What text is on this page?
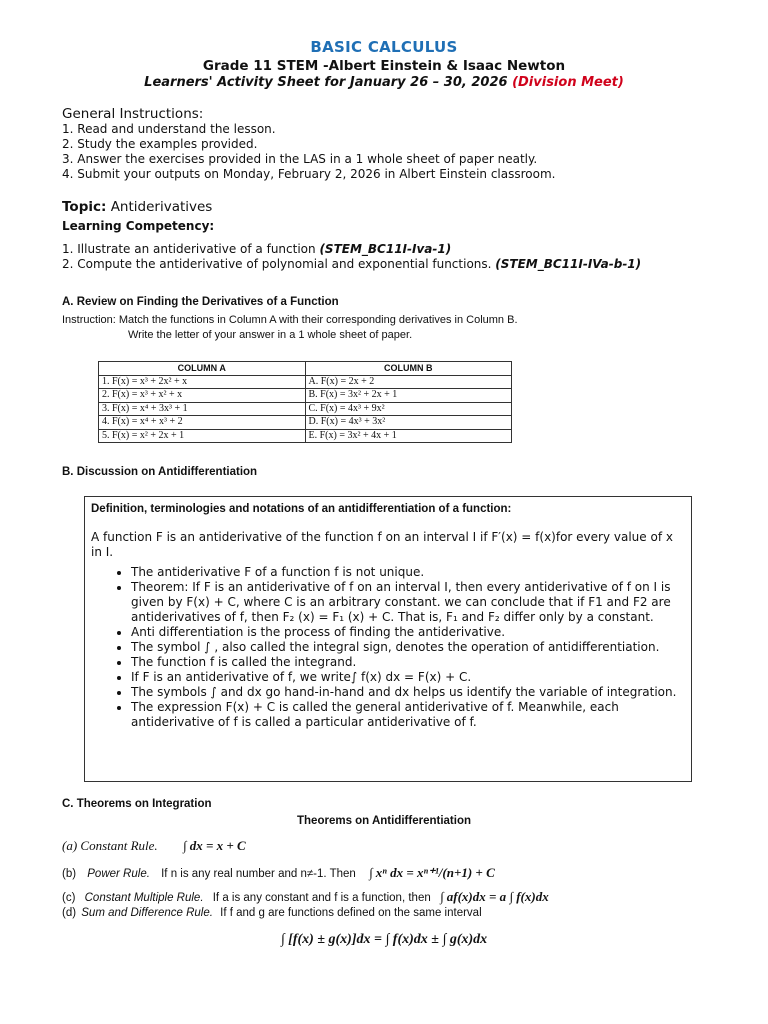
BASIC CALCULUS
Grade 11 STEM -Albert Einstein & Isaac Newton
Learners' Activity Sheet for January 26 – 30, 2026 (Division Meet)
General Instructions:
1. Read and understand the lesson.
2. Study the examples provided.
3. Answer the exercises provided in the LAS in a 1 whole sheet of paper neatly.
4. Submit your outputs on Monday, February 2, 2026 in Albert Einstein classroom.
Topic: Antiderivatives
Learning Competency:
1. Illustrate an antiderivative of a function (STEM_BC11I-Iva-1)
2. Compute the antiderivative of polynomial and exponential functions. (STEM_BC11I-IVa-b-1)
A. Review on Finding the Derivatives of a Function
Instruction: Match the functions in Column A with their corresponding derivatives in Column B.
Write the letter of your answer in a 1 whole sheet of paper.
COLUMN A	COLUMN B
1. F(x) = x³ + 2x² + x	A. F(x) = 2x + 2
2. F(x) = x³ + x² + x	B. F(x) = 3x² + 2x + 1
3. F(x) = x⁴ + 3x³ + 1	C. F(x) = 4x³ + 9x²
4. F(x) = x⁴ + x³ + 2	D. F(x) = 4x³ + 3x²
5. F(x) = x² + 2x + 1	E. F(x) = 3x² + 4x + 1
B. Discussion on Antidifferentiation
Definition, terminologies and notations of an antidifferentiation of a function:
A function F is an antiderivative of the function f on an interval I if F′(x) = f(x)for every value of x in I.
• The antiderivative F of a function f is not unique.
• Theorem: If F is an antiderivative of f on an interval I, then every antiderivative of f on I is given by F(x) + C, where C is an arbitrary constant. we can conclude that if F1 and F2 are antiderivatives of f, then F₂ (x) = F₁ (x) + C. That is, F₁ and F₂ differ only by a constant.
• Anti differentiation is the process of finding the antiderivative.
• The symbol ∫ , also called the integral sign, denotes the operation of antidifferentiation.
• The function f is called the integrand.
• If F is an antiderivative of f, we write∫ f(x) dx = F(x) + C.
• The symbols ∫ and dx go hand-in-hand and dx helps us identify the variable of integration.
• The expression F(x) + C is called the general antiderivative of f. Meanwhile, each antiderivative of f is called a particular antiderivative of f.
C. Theorems on Integration
Theorems on Antidifferentiation
(a) Constant Rule. ∫ dx = x + C
(b) Power Rule. If n is any real number and n≠-1. Then ∫ xⁿ dx = xⁿ⁺¹/(n+1) + C
(c) Constant Multiple Rule. If a is any constant and f is a function, then ∫ af(x)dx = a ∫ f(x)dx
(d) Sum and Difference Rule. If f and g are functions defined on the same interval
∫ [f(x) ± g(x)]dx = ∫ f(x)dx ± ∫ g(x)dx
